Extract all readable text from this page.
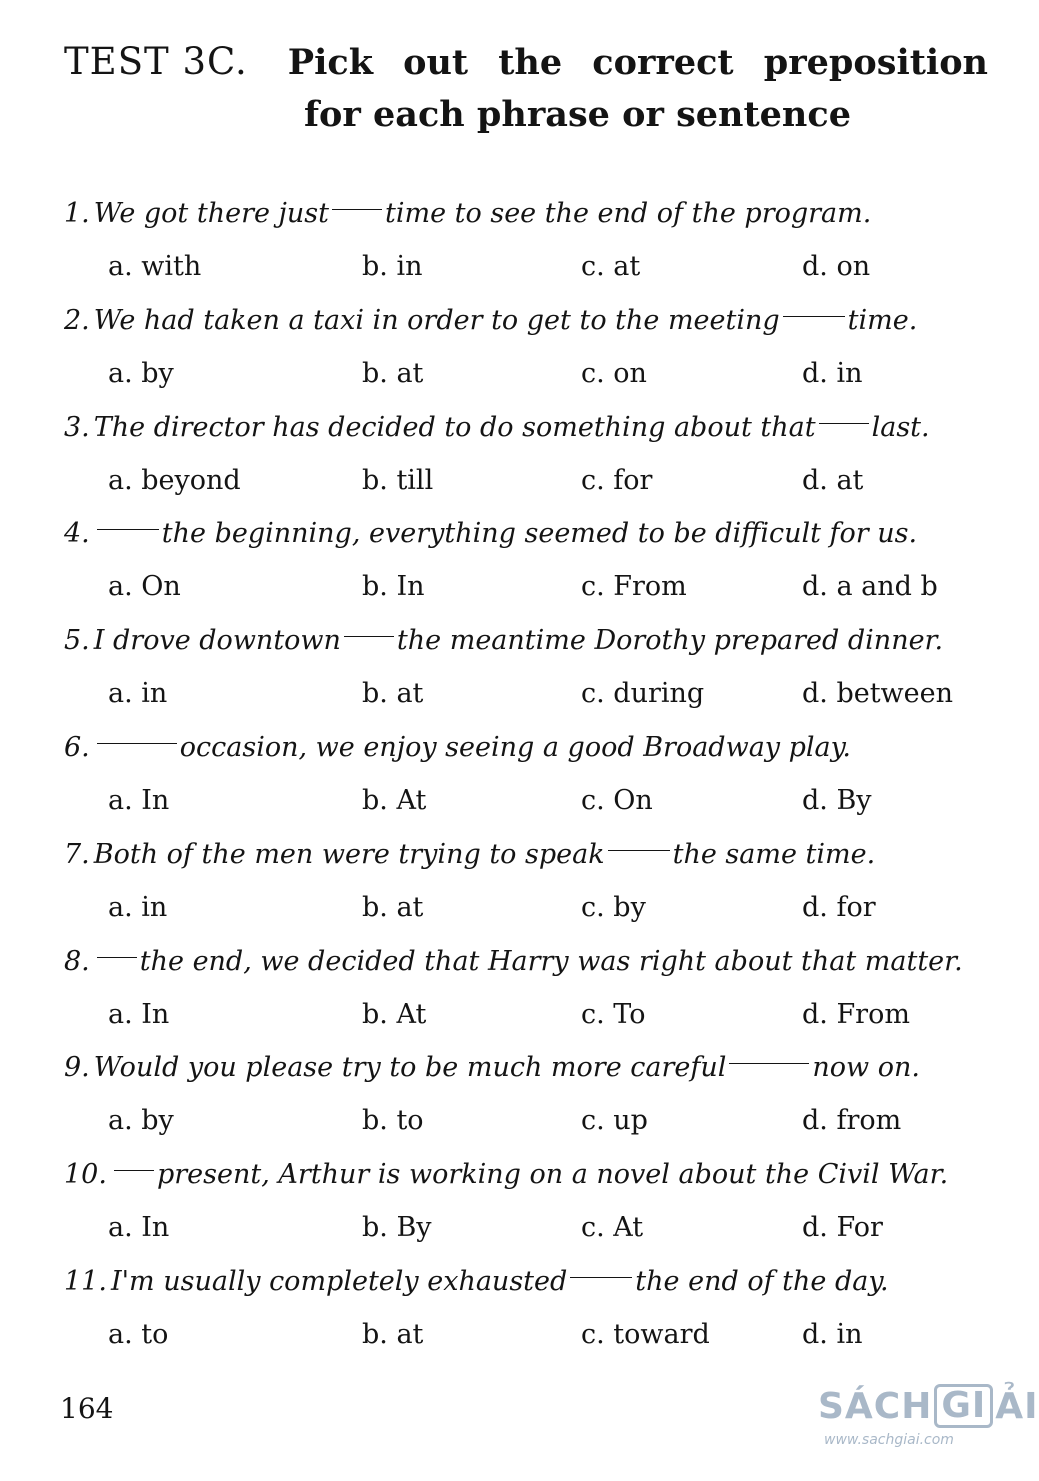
TEST 3C. Pick out the correct preposition
for each phrase or sentence
1. We got there just time to see the end of the program.
a. with	b. in	c. at	d. on
2. We had taken a taxi in order to get to the meeting	time.
a. by	b. at	c. on	d. in
3. The director has decided to do something about that last.
a. beyond	b. till	c. for	d. at
4.	the beginning, everything seemed to be difficult for us.
a. On	b. In	c. From	d. a and b
5. I drove downtown the meantime Dorothy prepared dinner.
a. in	b. at	c. during	d. between
6.	occasion, we enjoy seeing a good Broadway play.
a. In	b. At	c. On	d. By
7. Both of the men were trying to speak	the same time.
a. in	b. at	c. by	d. for
8. the end, we decided that Harry was right about that matter.
a. In	b. At	c. To	d. From
9. Would you please try to be much more careful	now on.
a. by	b. to	c. up	d. from
10. present, Arthur is working on a novel about the Civil War.
a. In	b. By	c. At	d. For
11. I'm usually completely exhausted	the end of the day.
a. to	b. at	c. toward	d. in
164	SÁCH GI ẢI
www.sachgiai.com
